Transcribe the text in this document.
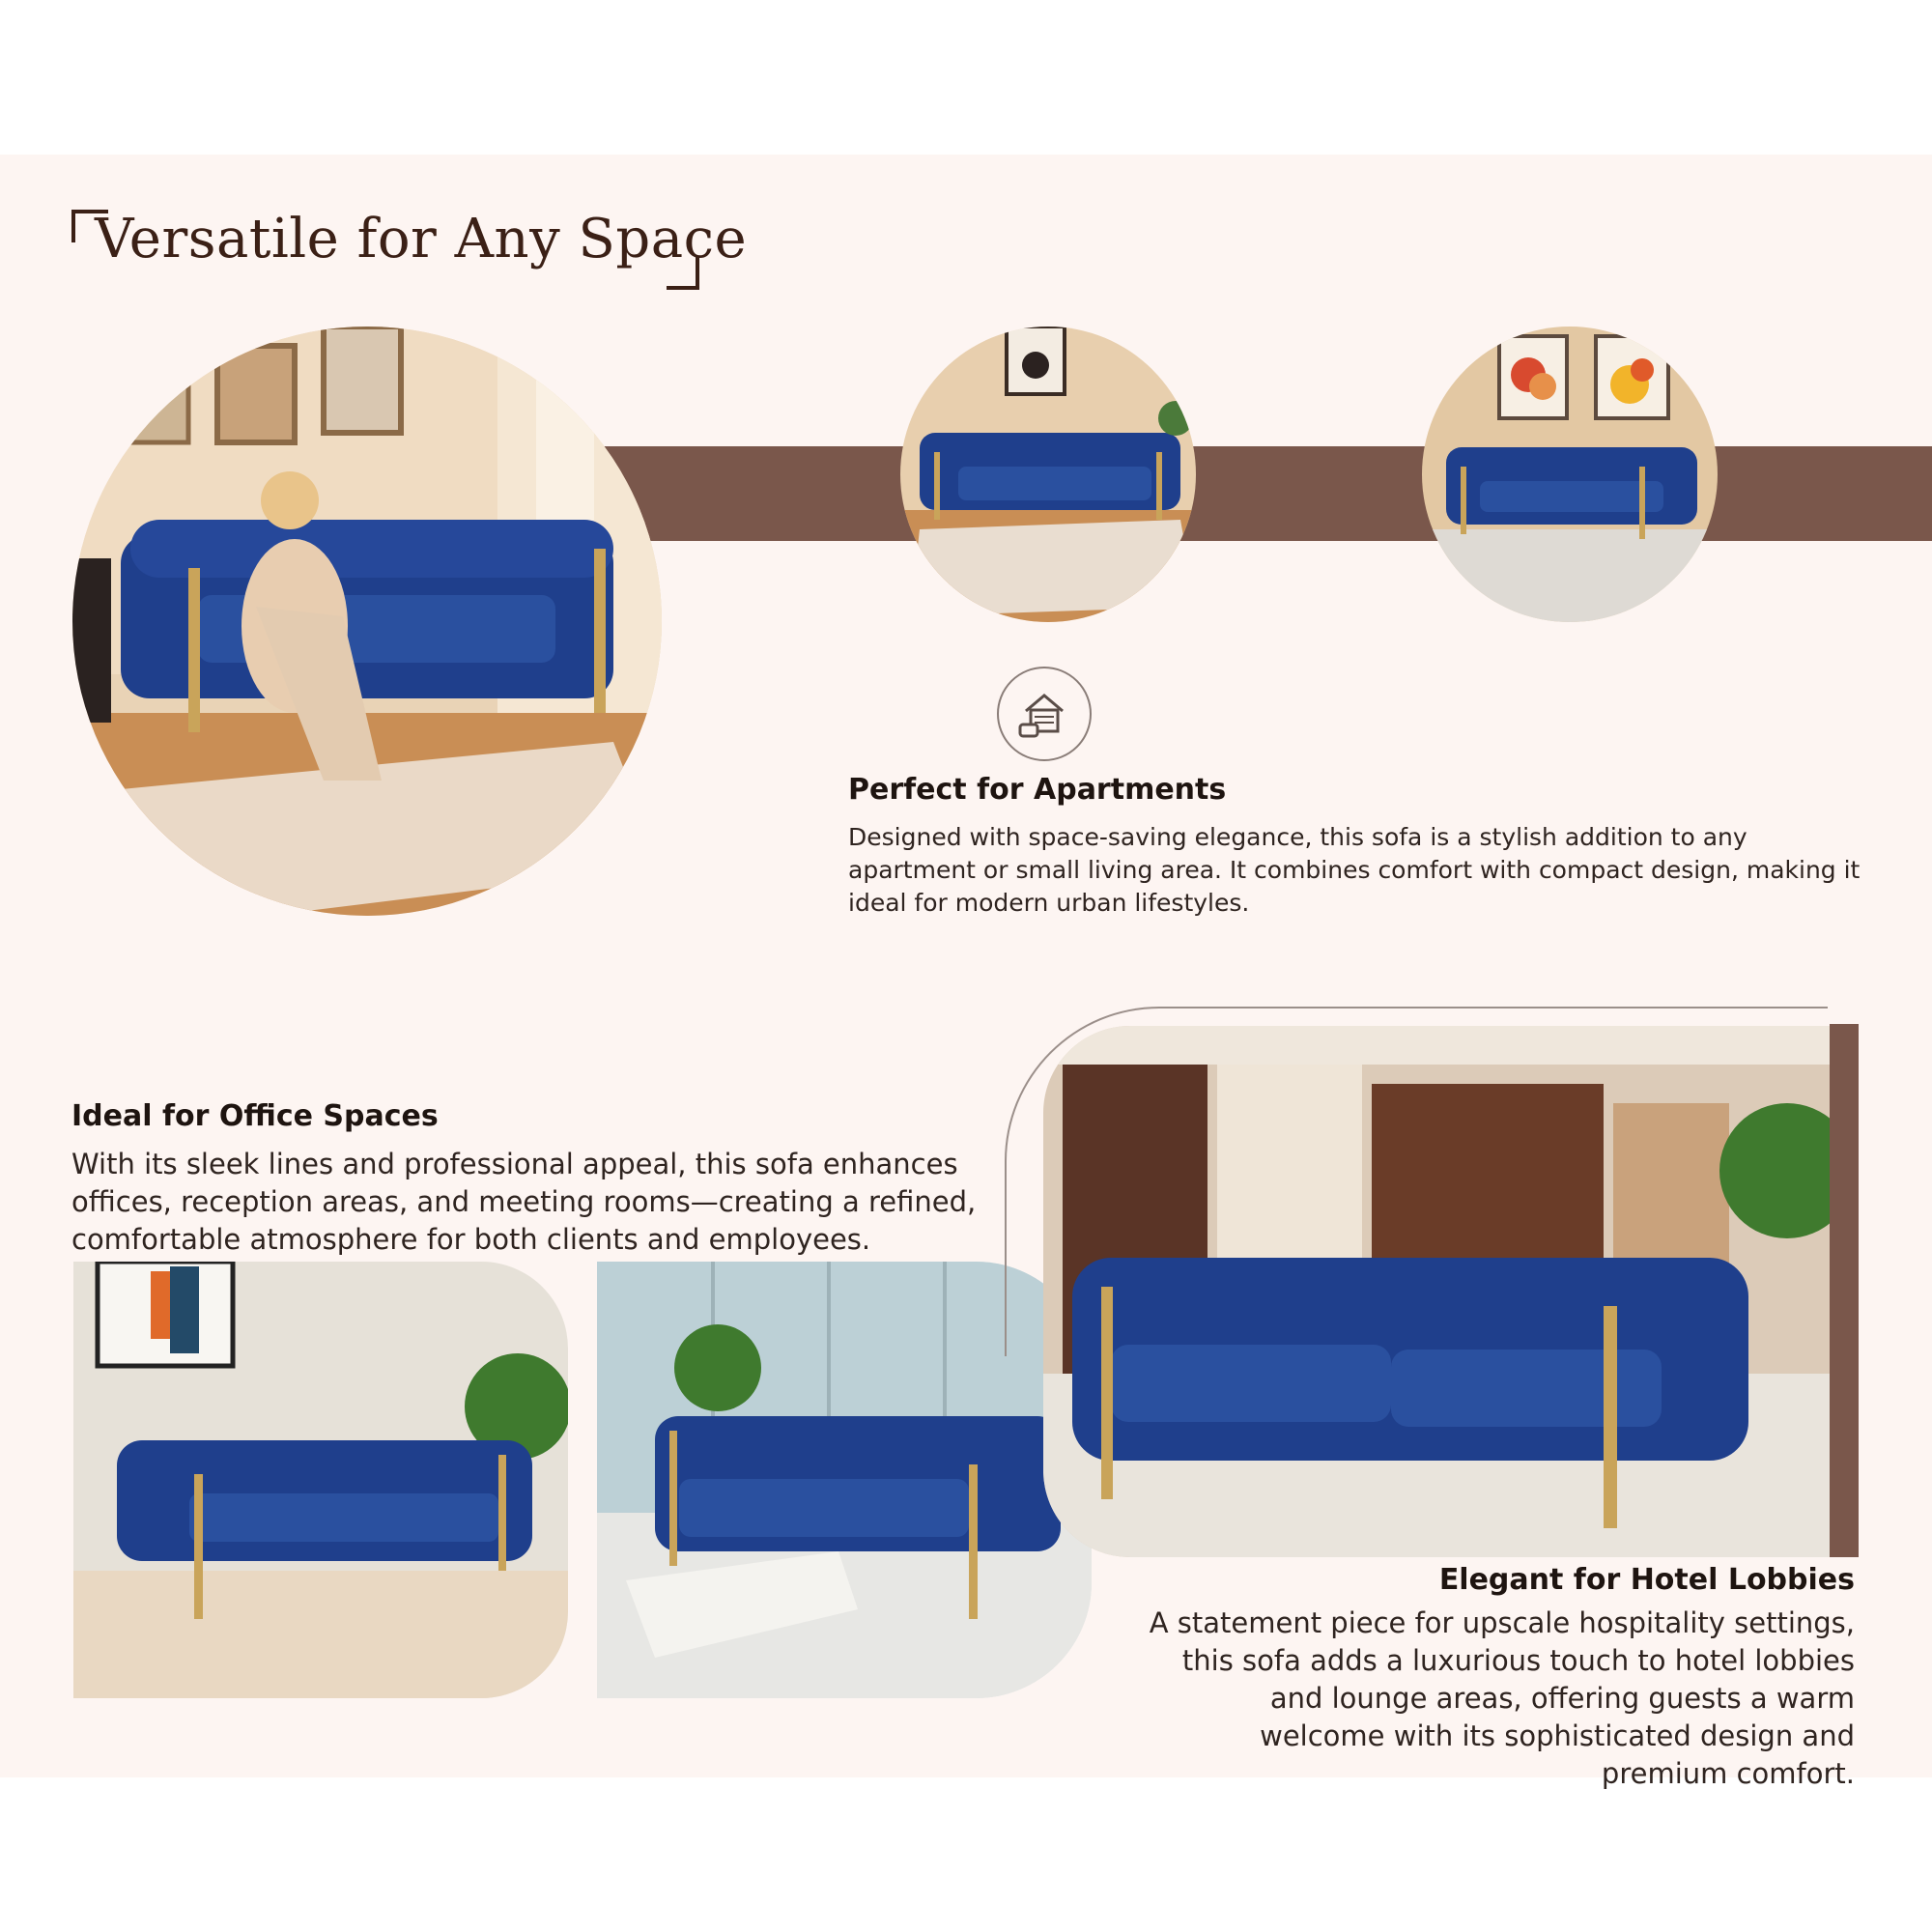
Versatile for Any Space
Perfect for Apartments
Designed with space-saving elegance, this sofa is a stylish addition to any apartment or small living area. It combines comfort with compact design, making it ideal for modern urban lifestyles.
Ideal for Office Spaces
With its sleek lines and professional appeal, this sofa enhances offices, reception areas, and meeting rooms—creating a refined, comfortable atmosphere for both clients and employees.
Elegant for Hotel Lobbies
A statement piece for upscale hospitality settings, this sofa adds a luxurious touch to hotel lobbies and lounge areas, offering guests a warm welcome with its sophisticated design and premium comfort.
